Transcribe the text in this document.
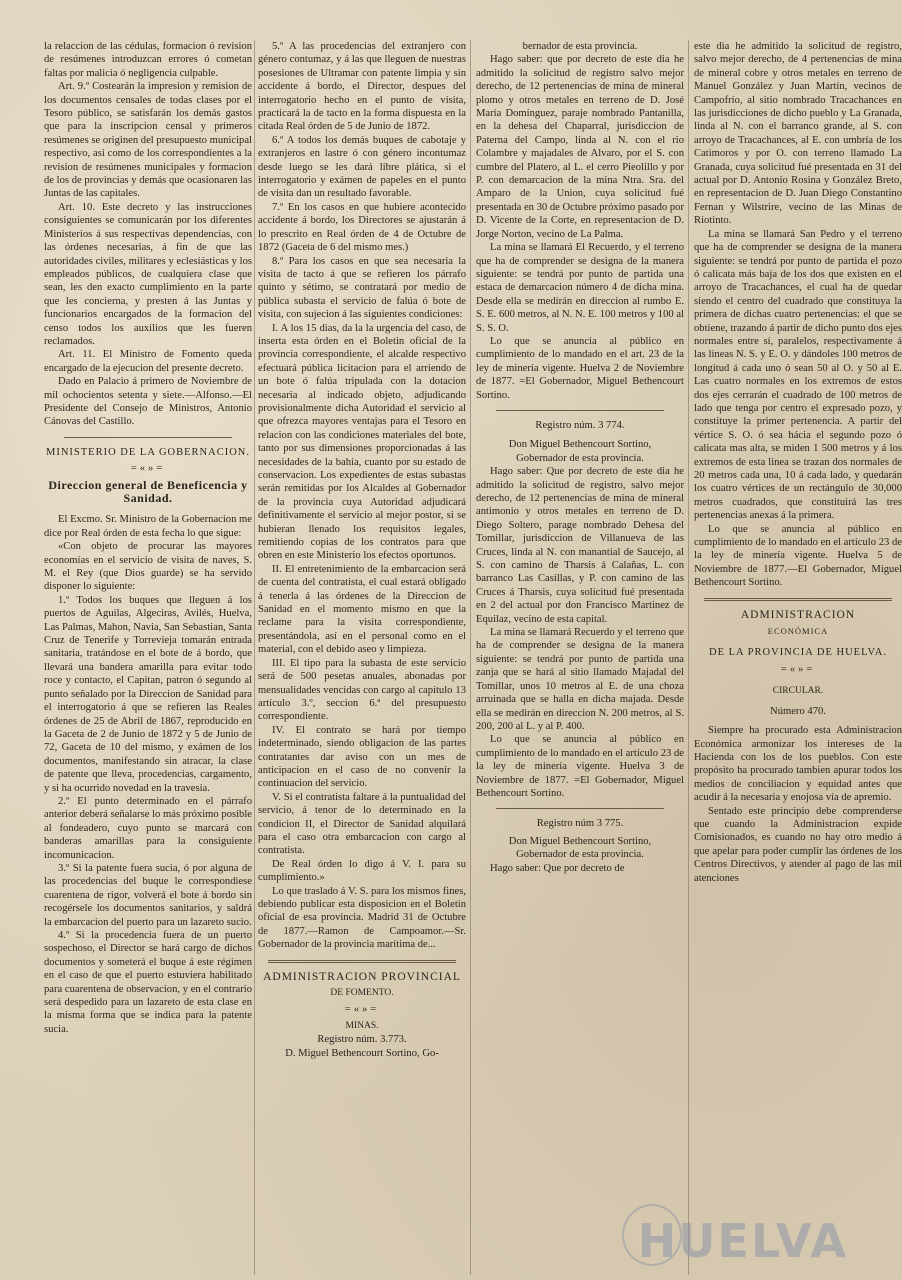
la relaccion de las cédulas, formacion ó revision de resúmenes introduzcan errores ó cometan faltas por malicia ó negligencia culpable.

Art. 9.º Costearán la impresion y remision de los documentos censales de todas clases por el Tesoro público, se satisfarán los demás gastos que para la inscripcion censal y primeros resúmenes se originen del presupuesto municipal respectivo, asi como de los correspondientes a la revision de resúmenes municipales y formacion de los de provincias y demás que ocasionaren las Juntas de las capitales.

Art. 10. Este decreto y las instrucciones consiguientes se comunicarán por los diferentes Ministerios á sus respectivas dependencias, con las órdenes necesarias, á fin de que las autoridades civiles, militares y eclesiásticas y los empleados públicos, de cualquiera clase que sean, les den exacto cumplimiento en la parte que les concierna, y presten á las Juntas y funcionarios encargados de la formacion del censo todos los auxilios que les fueren reclamados.

Art. 11. El Ministro de Fomento queda encargado de la ejecucion del presente decreto.

Dado en Palacio á primero de Noviembre de mil ochocientos setenta y siete.—Alfonso.—El Presidente del Consejo de Ministros, Antonio Cánovas del Castillo.

MINISTERIO DE LA GOBERNACION.
=«»=
Direccion general de Beneficencia y Sanidad.

El Excmo. Sr. Ministro de la Gobernacion me dice por Real órden de esta fecha lo que sigue:

«Con objeto de procurar las mayores economías en el servicio de visita de naves, S. M. el Rey (que Dios guarde) se ha servido disponer lo siguiente:

1.º Todos los buques que lleguen á los puertos de Aguilas, Algeciras, Avilés, Huelva, Las Palmas, Mahon, Navia, San Sebastian, Santa Cruz de Tenerife y Torrevieja tomarán entrada sanitaria, tratándose en el bote de á bordo, que llevará una bandera amarilla para evitar todo roce y contacto, el Capitan, patron ó segundo al punto señalado por la Direccion de Sanidad para el interrogatorio á que se refieren las Reales órdenes de 25 de Abril de 1867, reproducido en la Gaceta de 2 de Junio de 1872 y 5 de Junio de 72, Gaceta de 10 del mismo, y exámen de los documentos, manifestando sin atracar, la clase de patente que lleva, procedencias, cargamento, y si ha ocurrido novedad en la travesía.

2.º El punto determinado en el párrafo anterior deberá señalarse lo más próximo posible al fondeadero, cuyo punto se marcará con banderas amarillas para la consiguiente incomunicacion.

3.º Si la patente fuera sucia, ó por alguna de las procedencias del buque le correspondiese cuarentena de rigor, volverá el bote á bordo sin recogérsele los documentos sanitarios, y saldrá la embarcacion del puerto para un lazareto sucio.

4.º Si la procedencia fuera de un puerto sospechoso, el Director se hará cargo de dichos documentos y someterá el buque á este régimen en el caso de que el puerto estuviera habilitado para cuarentena de observacion, y en el contrario será despedido para un lazareto de esta clase en la misma forma que se indica para la patente sucia.

5.º A las procedencias del extranjero con género contumaz, y á las que lleguen de nuestras posesiones de Ultramar con patente limpia y sin accidente á bordo, el Director, despues del interrogatorio hecho en el punto de visita, practicará la de tacto en la forma dispuesta en la citada Real órden de 5 de Junio de 1872.

6.º A todos los demás buques de cabotaje y extranjeros en lastre ó con género incontumaz desde luego se les dará libre plática, si el interrogatorio y exámen de papeles en el punto de visita dan un resultado favorable.

7.º En los casos en que hubiere acontecido accidente á bordo, los Directores se ajustarán á lo prescrito en Real órden de 4 de Octubre de 1872 (Gaceta de 6 del mismo mes.)

8.º Para los casos en que sea necesaria la visita de tacto á que se refieren los párrafo quinto y sétimo, se contratará por medio de pública subasta el servicio de falúa ó bote de visita, con sujecion á las siguientes condiciones:

I. A los 15 dias, da la la urgencia del caso, de inserta esta órden en el Boletin oficial de la provincia correspondiente, el alcalde respectivo efectuará pública licitacion para el arriendo de un bote ó falúa tripulada con la dotacion necesaria al indicado objeto, adjudicando provisionalmente dicha Autoridad el servicio al que ofrezca mayores ventajas para el Tesoro en relacion con las condiciones materiales del bote, tanto por sus dimensiones proporcionadas á las necesidades de la bahía, cuanto por su estado de conservacion. Los expedientes de estas subastas serán remitidas por los Alcaldes al Gobernador de la provincia cuya Autoridad adjudicará definitivamente el servicio al mejor postor, si se hubieran llenado los requisitos legales, remitiendo copias de los contratos para que obren en este Ministerio los efectos oportunos.

II. El entretenimiento de la embarcacion será de cuenta del contratista, el cual estará obligado á tenerla á las órdenes de la Direccion de Sanidad en el momento mismo en que la reclame para la visita correspondiente, presentándola, así en el personal como en el material, con el debido aseo y limpieza.

III. El tipo para la subasta de este servicio será de 500 pesetas anuales, abonadas por mensualidades vencidas con cargo al capítulo 13 artículo 3.º, seccion 6.ª del presupuesto correspondiente.

IV. El contrato se hará por tiempo indeterminado, siendo obligacion de las partes contratantes dar aviso con un mes de anticipacion en el caso de no convenir la continuacion del servicio.

V. Si el contratista faltare á la puntualidad del servicio, á tenor de lo determinado en la condicion II, el Director de Sanidad alquilará para el caso otra embarcacion con cargo al contratista.

De Real órden lo digo á V. I. para su cumplimiento.»

Lo que traslado á V. S. para los mismos fines, debiendo publicar esta disposicion en el Boletin oficial de esa provincia. Madrid 31 de Octubre de 1877.—Ramon de Campoamor.—Sr. Gobernador de la provincia marítima de...

ADMINISTRACION PROVINCIAL
DE FOMENTO.
=«»=
MINAS.
Registro núm. 3.773.
D. Miguel Bethencourt Sortino, Go-

bernador de esta provincia.

Hago saber: que por decreto de este dia he admitido la solicitud de registro salvo mejor derecho, de 12 pertenencias de mina de mineral plomo y otros metales en terreno de D. José María Domínguez, paraje nombrado Pantanilla, en la dehesa del Chaparral, jurisdiccion de Paterna del Campo, linda al N. con el rio Colambre y majadales de Alvaro, por el S. con cumbre del Platero, al L. el cerro Pieolillo y por P. con demarcacion de la mina Ntra. Sra. del Amparo de la Union, cuya solicitud fué presentada en 30 de Octubre próximo pasado por D. Vicente de la Corte, en representacion de D. Jorge Norton, vecino de La Palma.

La mina se llamará El Recuerdo, y el terreno que ha de comprender se designa de la manera siguiente: se tendrá por punto de partida una estaca de demarcacion número 4 de dicha mina. Desde ella se medirán en direccion al rumbo E. S. E. 600 metros, al N. N. E. 100 metros y 100 al S. S. O.

Lo que se anuncia al público en cumplimiento de lo mandado en el art. 23 de la ley de minería vigente. Huelva 2 de Noviembre de 1877. =El Gobernador, Miguel Bethencourt Sortino.

Registro núm. 3 774.
Don Miguel Bethencourt Sortino,
Gobernador de esta provincia.

Hago saber: Que por decreto de este dia he admitido la solicitud de registro, salvo mejor derecho, de 12 pertenencias de mina de mineral antimonio y otros metales en terreno de D. Diego Soltero, parage nombrado Dehesa del Tomillar, jurisdiccion de Villanueva de las Cruces, linda al N. con manantial de Saucejo, al S. con camino de Tharsis á Calañas, L. con barranco Las Casillas, y P. con camino de las Cruces á Tharsis, cuya solicitud fué presentada en 2 del actual por don Francisco Martinez de Equilaz, vecino de esta capital.

La mina se llamará Recuerdo y el terreno que ha de comprender se designa de la manera siguiente: se tendrá por punto de partida una zanja que se hará al sitio llamado Majadal del Tomillar, unos 10 metros al E. de una choza arruinada que se halla en dicha majada. Desde ella se medirán en direccion N. 200 metros, al S. 200, 200 al L. y al P. 400.

Lo que se anuncia al público en cumplimiento de lo mandado en el artículo 23 de la ley de minería vigente. Huelva 3 de Noviembre de 1877. =El Gobernador, Miguel Bethencourt Sortino.

Registro núm 3 775.
Don Miguel Bethencourt Sortino,
Gobernador de esta provincia.

Hago saber: Que por decreto de

este dia he admitido la solicitud de registro, salvo mejor derecho, de 4 pertenencias de mina de mineral cobre y otros metales en terreno de Manuel González y Juan Martín, vecinos de Campofrío, al sitio nombrado Tracachances en las jurisdicciones de dicho pueblo y La Granada, linda al N. con el barranco grande, al S. con arroyo de Tracachances, al E. con umbría de los Catimoros y por O. con terreno llamado La Granada, cuya solicitud fué presentada en 31 del actual por D. Antonio Rosina y González Breto, en representacion de D. Juan Diego Constantino Fernan y Wilstrire, vecino de las Minas de Riotinto.

La mina se llamará San Pedro y el terreno que ha de comprender se designa de la manera siguiente: se tendrá por punto de partida el pozo ó calicata más baja de los dos que existen en el arroyo de Tracachances, el cual ha de quedar siendo el centro del cuadrado que constituya la primera de dichas cuatro pertenencias: el que se obtiene, trazando á partir de dicho punto dos ejes normales entre sí, paralelos, respectivamente á las lineas N. S. y E. O. y dándoles 100 metros de longitud á cada uno ó sean 50 al O. y 50 al E. Las cuatro normales en los extremos de estos dos ejes cerrarán el cuadrado de 100 metros de lado que tenga por centro el expresado pozo, y constituye la primer pertenencia. A partir del vértice S. O. ó sea hácia el segundo pozo ó calicata mas alta, se miden 1 500 metros y á los extremos de esta linea se trazan dos normales de 20 metros cada una, 10 á cada lado, y quedarán los cuatro vértices de un rectángulo de 30,000 metros cuadrados, que constituirá las tres pertenencias anexas á la primera.

Lo que se anuncia al público en cumplimiento de lo mandado en el artículo 23 de la ley de minería vigente. Huelva 5 de Noviembre de 1877.—El Gobernador, Miguel Bethencourt Sortino.

ADMINISTRACION
ECONÓMICA
DE LA PROVINCIA DE HUELVA.
=«»=
CIRCULAR.
Número 470.

Siempre ha procurado esta Administracion Económica armonizar los intereses de la Hacienda con los de los pueblos. Con este propósito ha procurado tambien apurar todos los medios de conciliacion y equidad antes que acudir á la necesaria y enojosa vía de apremio.

Sentado este principio debe comprenderse que cuando la Administracion expide Comisionados, es cuando no hay otro medio á que apelar para poder cumplir las órdenes de los Centros Directivos, y atender al pago de las mil atenciones

HUELVA
